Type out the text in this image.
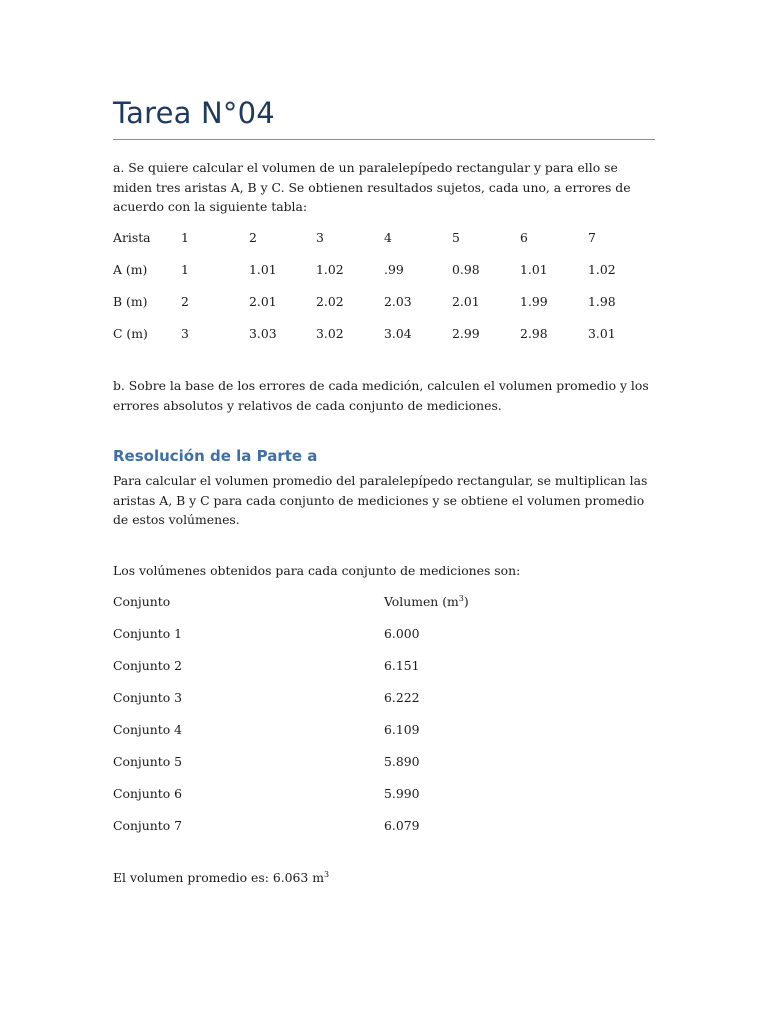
Tarea N°04
a. Se quiere calcular el volumen de un paralelepípedo rectangular y para ello se miden tres aristas A, B y C. Se obtienen resultados sujetos, cada uno, a errores de acuerdo con la siguiente tabla:
Arista 1	2	3	4	5	6	7
A (m)	1	1.01	1.02	.99	0.98	1.01	1.02
B (m)	2	2.01	2.02	2.03	2.01	1.99	1.98
C (m)	3	3.03	3.02	3.04	2.99	2.98	3.01
b. Sobre la base de los errores de cada medición, calculen el volumen promedio y los errores absolutos y relativos de cada conjunto de mediciones.
Resolución de la Parte a
Para calcular el volumen promedio del paralelepípedo rectangular, se multiplican las aristas A, B y C para cada conjunto de mediciones y se obtiene el volumen promedio de estos volúmenes.
Los volúmenes obtenidos para cada conjunto de mediciones son:
Conjunto	Volumen $(m^3)$
Conjunto 1	6.000
Conjunto 2	6.151
Conjunto 3	6.222
Conjunto 4	6.109
Conjunto 5	5.890
Conjunto 6	5.990
Conjunto 7	6.079
El volumen promedio es: 6.063 $m^3$
